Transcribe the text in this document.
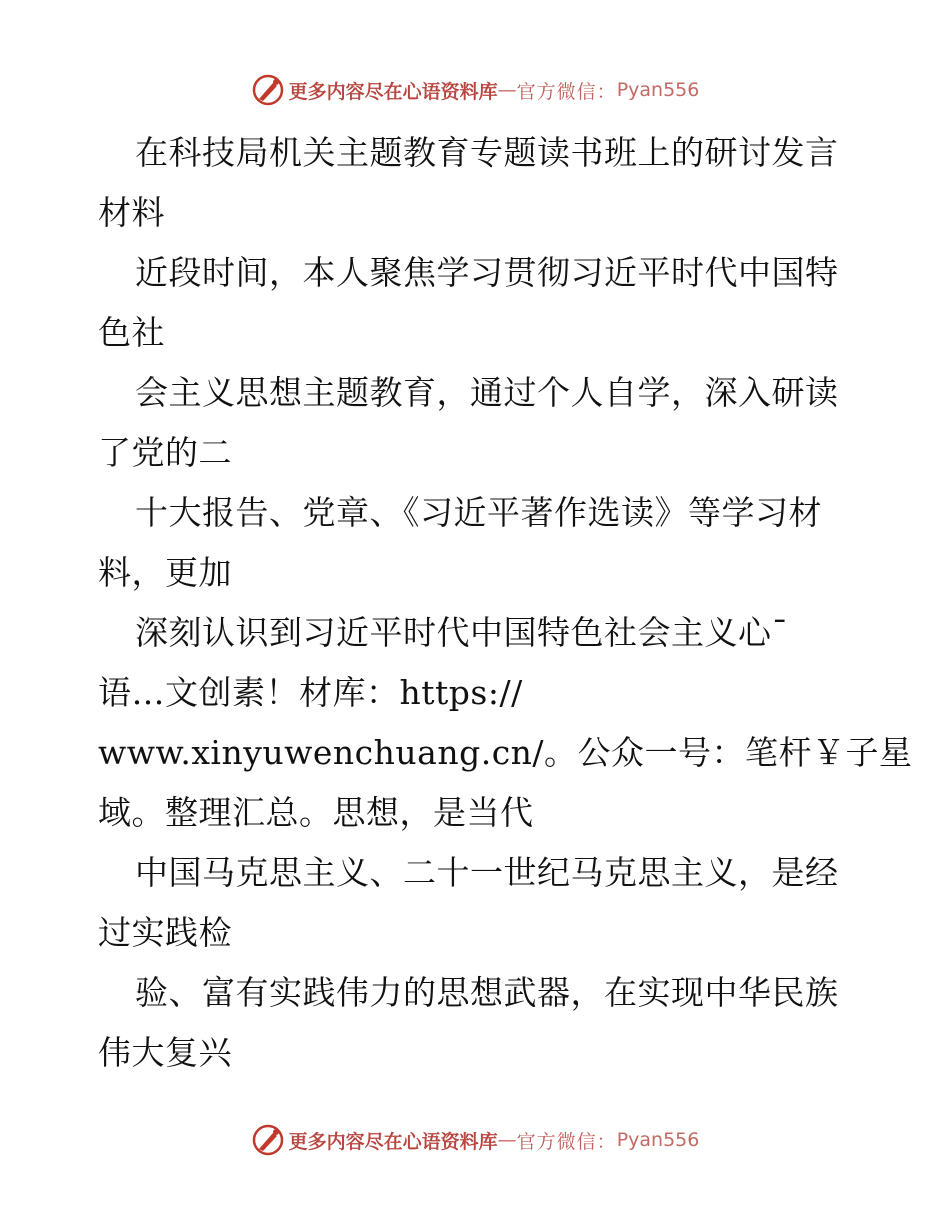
更多内容尽在心语资料库 — 官方微信： Pyan556
在科技局机关主题教育专题读书班上的研讨发言
材料
近段时间，本人聚焦学习贯彻习近平时代中国特
色社
会主义思想主题教育，通过个人自学，深入研读
了党的二
十大报告、党章、《习近平著作选读》等学习材
料，更加
深刻认识到习近平时代中国特色社会主义心¯
语…文创素！材库：https://
www.xinyuwenchuang.cn/。公众一号：笔杆￥子星
域。整理汇总。思想，是当代
中国马克思主义、二十一世纪马克思主义，是经
过实践检
验、富有实践伟力的思想武器，在实现中华民族
伟大复兴
更多内容尽在心语资料库 — 官方微信： Pyan556
